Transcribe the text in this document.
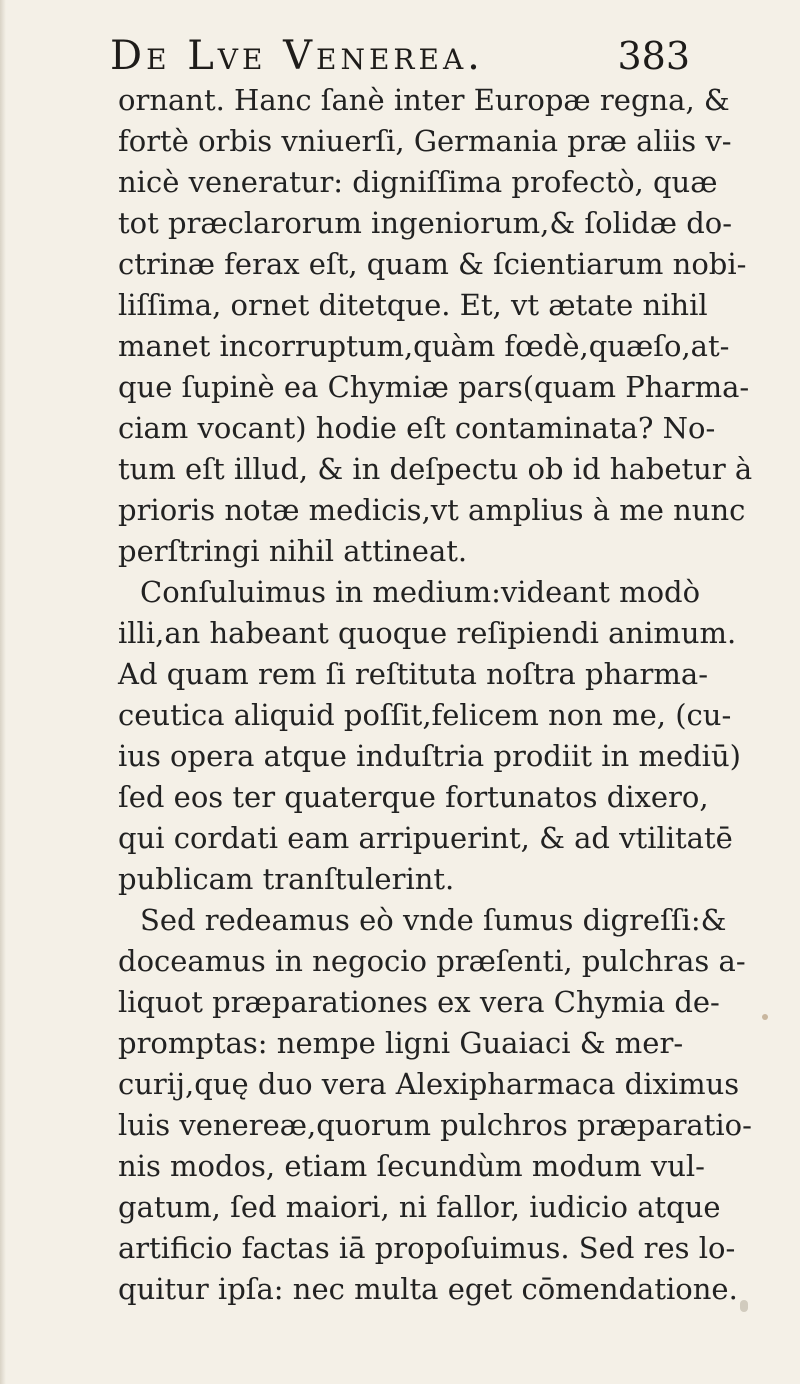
De Lve Venerea.	383
ornant. Hanc ſanè inter Europæ regna, &
fortè orbis vniuerſi, Germania præ aliis v-
nicè veneratur: digniſſima profectò, quæ
tot præclarorum ingeniorum,& ſolidæ do-
ctrinæ ferax eſt, quam & ſcientiarum nobi-
liſſima, ornet ditetque. Et, vt ætate nihil
manet incorruptum,quàm fœdè,quæſo,at-
que ſupinè ea Chymiæ pars(quam Pharma-
ciam vocant) hodie eſt contaminata? No-
tum eſt illud, & in deſpectu ob id habetur à
prioris notæ medicis,vt amplius à me nunc
perſtringi nihil attineat.
Conſuluimus in medium:videant modò
illi,an habeant quoque reſipiendi animum.
Ad quam rem ſi reſtituta noſtra pharma-
ceutica aliquid poſſit,felicem non me, (cu-
ius opera atque induſtria prodiit in mediū)
ſed eos ter quaterque fortunatos dixero,
qui cordati eam arripuerint, & ad vtilitatē
publicam tranſtulerint.
Sed redeamus eò vnde ſumus digreſſi:&
doceamus in negocio præſenti, pulchras a-
liquot præparationes ex vera Chymia de-
promptas: nempe ligni Guaiaci & mer-
curij,quę duo vera Alexipharmaca diximus
luis venereæ,quorum pulchros præparatio-
nis modos, etiam ſecundùm modum vul-
gatum, ſed maiori, ni fallor, iudicio atque
artificio factas iā propoſuimus. Sed res lo-
quitur ipſa: nec multa eget cōmendatione.
